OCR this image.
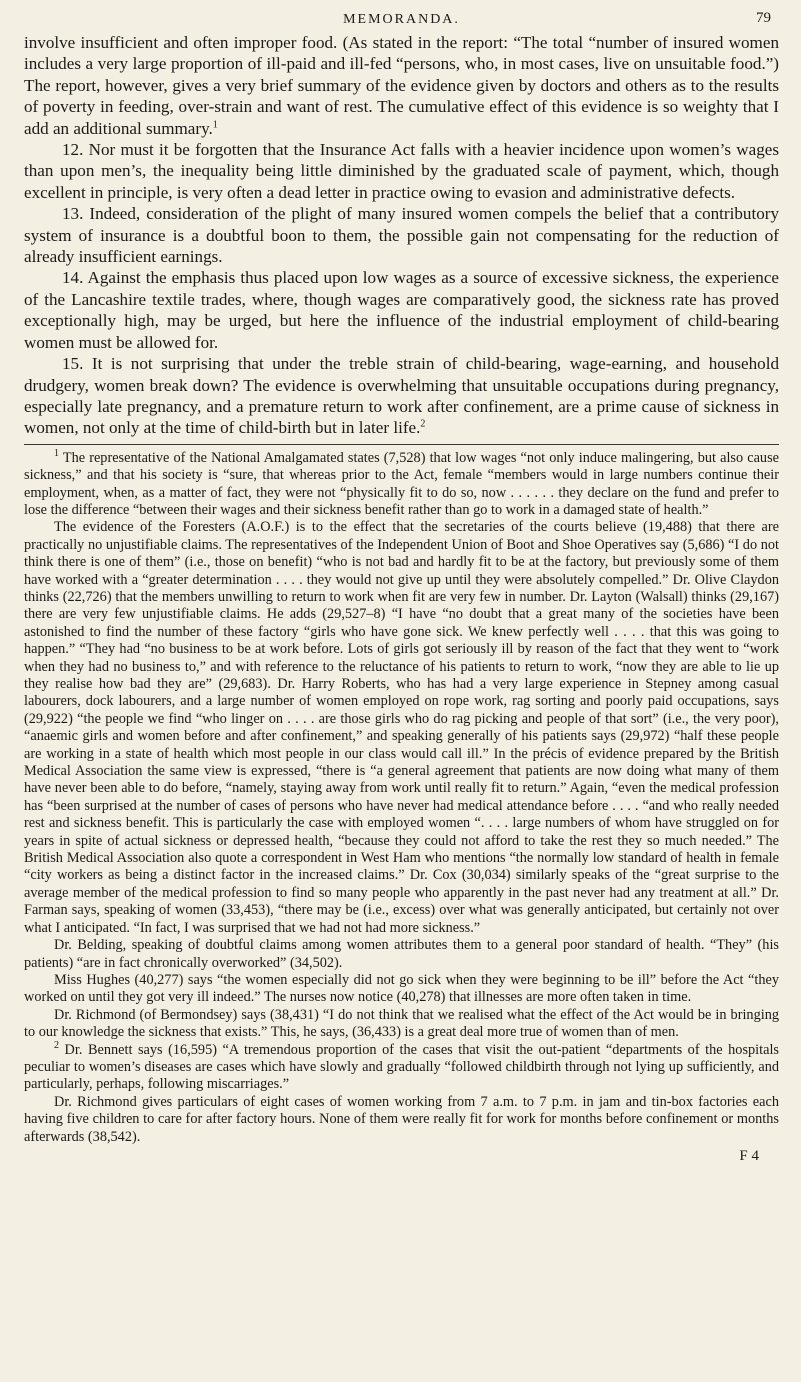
MEMORANDA.	79

involve insufficient and often improper food. (As stated in the report: “The total “number of insured women includes a very large proportion of ill-paid and ill-fed “persons, who, in most cases, live on unsuitable food.”) The report, however, gives a very brief summary of the evidence given by doctors and others as to the results of poverty in feeding, over-strain and want of rest. The cumulative effect of this evidence is so weighty that I add an additional summary.$^1$

12. Nor must it be forgotten that the Insurance Act falls with a heavier incidence upon women’s wages than upon men’s, the inequality being little diminished by the graduated scale of payment, which, though excellent in principle, is very often a dead letter in practice owing to evasion and administrative defects.

13. Indeed, consideration of the plight of many insured women compels the belief that a contributory system of insurance is a doubtful boon to them, the possible gain not compensating for the reduction of already insufficient earnings.

14. Against the emphasis thus placed upon low wages as a source of excessive sickness, the experience of the Lancashire textile trades, where, though wages are comparatively good, the sickness rate has proved exceptionally high, may be urged, but here the influence of the industrial employment of child-bearing women must be allowed for.

15. It is not surprising that under the treble strain of child-bearing, wage-earning, and household drudgery, women break down? The evidence is overwhelming that unsuitable occupations during pregnancy, especially late pregnancy, and a premature return to work after confinement, are a prime cause of sickness in women, not only at the time of child-birth but in later life.$^2$

$^1$ The representative of the National Amalgamated states (7,528) that low wages “not only induce malingering, but also cause sickness,” and that his society is “sure, that whereas prior to the Act, female “members would in large numbers continue their employment, when, as a matter of fact, they were not “physically fit to do so, now . . . . . . they declare on the fund and prefer to lose the difference “between their wages and their sickness benefit rather than go to work in a damaged state of health.”

The evidence of the Foresters (A.O.F.) is to the effect that the secretaries of the courts believe (19,488) that there are practically no unjustifiable claims. The representatives of the Independent Union of Boot and Shoe Operatives say (5,686) “I do not think there is one of them” (i.e., those on benefit) “who is not bad and hardly fit to be at the factory, but previously some of them have worked with a “greater determination . . . . they would not give up until they were absolutely compelled.” Dr. Olive Claydon thinks (22,726) that the members unwilling to return to work when fit are very few in number. Dr. Layton (Walsall) thinks (29,167) there are very few unjustifiable claims. He adds (29,527–8) “I have “no doubt that a great many of the societies have been astonished to find the number of these factory “girls who have gone sick. We knew perfectly well . . . . that this was going to happen.” “They had “no business to be at work before. Lots of girls got seriously ill by reason of the fact that they went to “work when they had no business to,” and with reference to the reluctance of his patients to return to work, “now they are able to lie up they realise how bad they are” (29,683). Dr. Harry Roberts, who has had a very large experience in Stepney among casual labourers, dock labourers, and a large number of women employed on rope work, rag sorting and poorly paid occupations, says (29,922) “the people we find “who linger on . . . . are those girls who do rag picking and people of that sort” (i.e., the very poor), “anaemic girls and women before and after confinement,” and speaking generally of his patients says (29,972) “half these people are working in a state of health which most people in our class would call ill.” In the précis of evidence prepared by the British Medical Association the same view is expressed, “there is “a general agreement that patients are now doing what many of them have never been able to do before, “namely, staying away from work until really fit to return.” Again, “even the medical profession has “been surprised at the number of cases of persons who have never had medical attendance before . . . . “and who really needed rest and sickness benefit. This is particularly the case with employed women “. . . . large numbers of whom have struggled on for years in spite of actual sickness or depressed health, “because they could not afford to take the rest they so much needed.” The British Medical Association also quote a correspondent in West Ham who mentions “the normally low standard of health in female “city workers as being a distinct factor in the increased claims.” Dr. Cox (30,034) similarly speaks of the “great surprise to the average member of the medical profession to find so many people who apparently in the past never had any treatment at all.” Dr. Farman says, speaking of women (33,453), “there may be (i.e., excess) over what was generally anticipated, but certainly not over what I anticipated. “In fact, I was surprised that we had not had more sickness.”

Dr. Belding, speaking of doubtful claims among women attributes them to a general poor standard of health. “They” (his patients) “are in fact chronically overworked” (34,502).

Miss Hughes (40,277) says “the women especially did not go sick when they were beginning to be ill” before the Act “they worked on until they got very ill indeed.” The nurses now notice (40,278) that illnesses are more often taken in time.

Dr. Richmond (of Bermondsey) says (38,431) “I do not think that we realised what the effect of the Act would be in bringing to our knowledge the sickness that exists.” This, he says, (36,433) is a great deal more true of women than of men.

$^2$ Dr. Bennett says (16,595) “A tremendous proportion of the cases that visit the out-patient “departments of the hospitals peculiar to women’s diseases are cases which have slowly and gradually “followed childbirth through not lying up sufficiently, and particularly, perhaps, following miscarriages.”

Dr. Richmond gives particulars of eight cases of women working from 7 a.m. to 7 p.m. in jam and tin-box factories each having five children to care for after factory hours. None of them were really fit for work for months before confinement or months afterwards (38,542).

F 4
